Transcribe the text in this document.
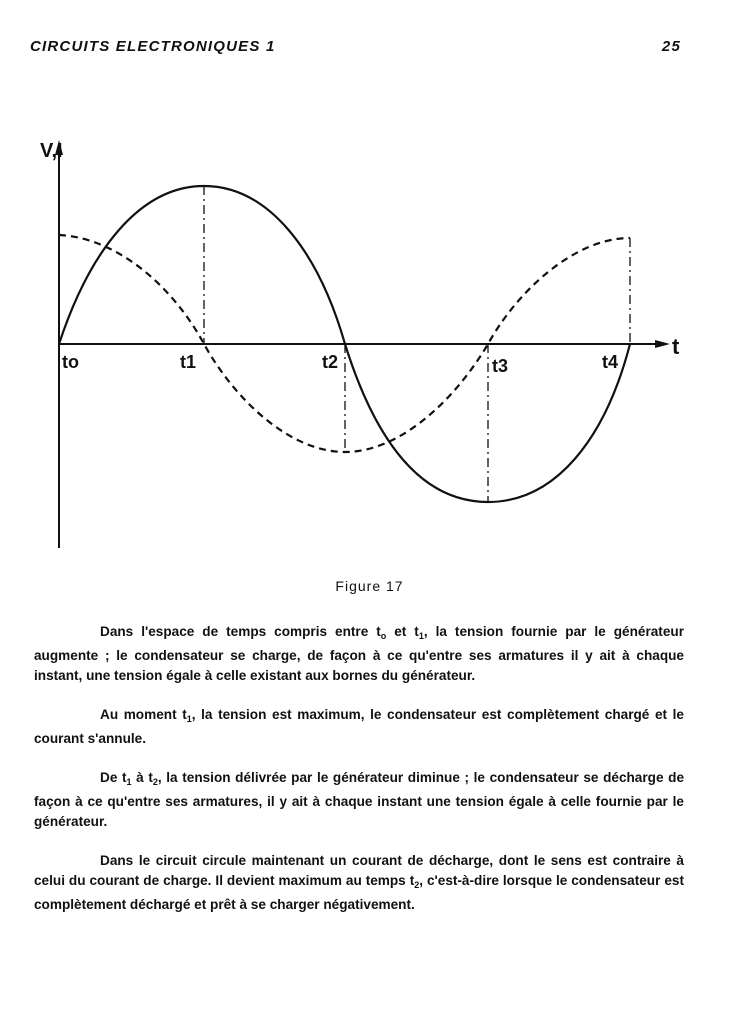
CIRCUITS ELECTRONIQUES 1	25
V,I
t
to	t1	t2	t3	t4
Figure 17

Dans l'espace de temps compris entre $t_o$ et $t_1$, la tension fournie par le générateur augmente ; le condensateur se charge, de façon à ce qu'entre ses armatures il y ait à chaque instant, une tension égale à celle existant aux bornes du générateur.

Au moment $t_1$, la tension est maximum, le condensateur est complètement chargé et le courant s'annule.

De $t_1$ à $t_2$, la tension délivrée par le générateur diminue ; le condensateur se décharge de façon à ce qu'entre ses armatures, il y ait à chaque instant une tension égale à celle fournie par le générateur.

Dans le circuit circule maintenant un courant de décharge, dont le sens est contraire à celui du courant de charge. Il devient maximum au temps $t_2$, c'est-à-dire lorsque le condensateur est complètement déchargé et prêt à se charger négativement.
